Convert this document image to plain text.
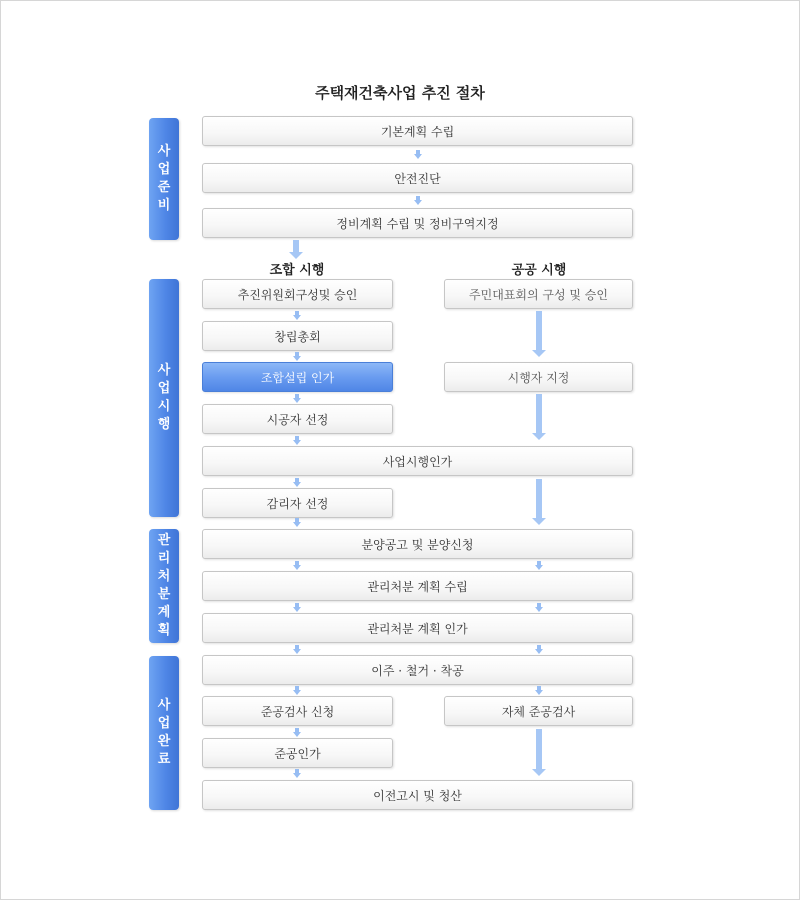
주택재건축사업 추진 절차
사업준비
사업시행
관리처분계획
사업완료
기본계획 수립
안전진단
정비계획 수립 및 정비구역지정
조합 시행	공공 시행
추진위원회구성및 승인
창립총회
조합설립 인가
시공자 선정
주민대표회의 구성 및 승인
시행자 지정
사업시행인가
감리자 선정
분양공고 및 분양신청
관리처분 계획 수립
관리처분 계획 인가
이주 · 철거 · 착공
준공검사 신청	자체 준공검사
준공인가
이전고시 및 청산
